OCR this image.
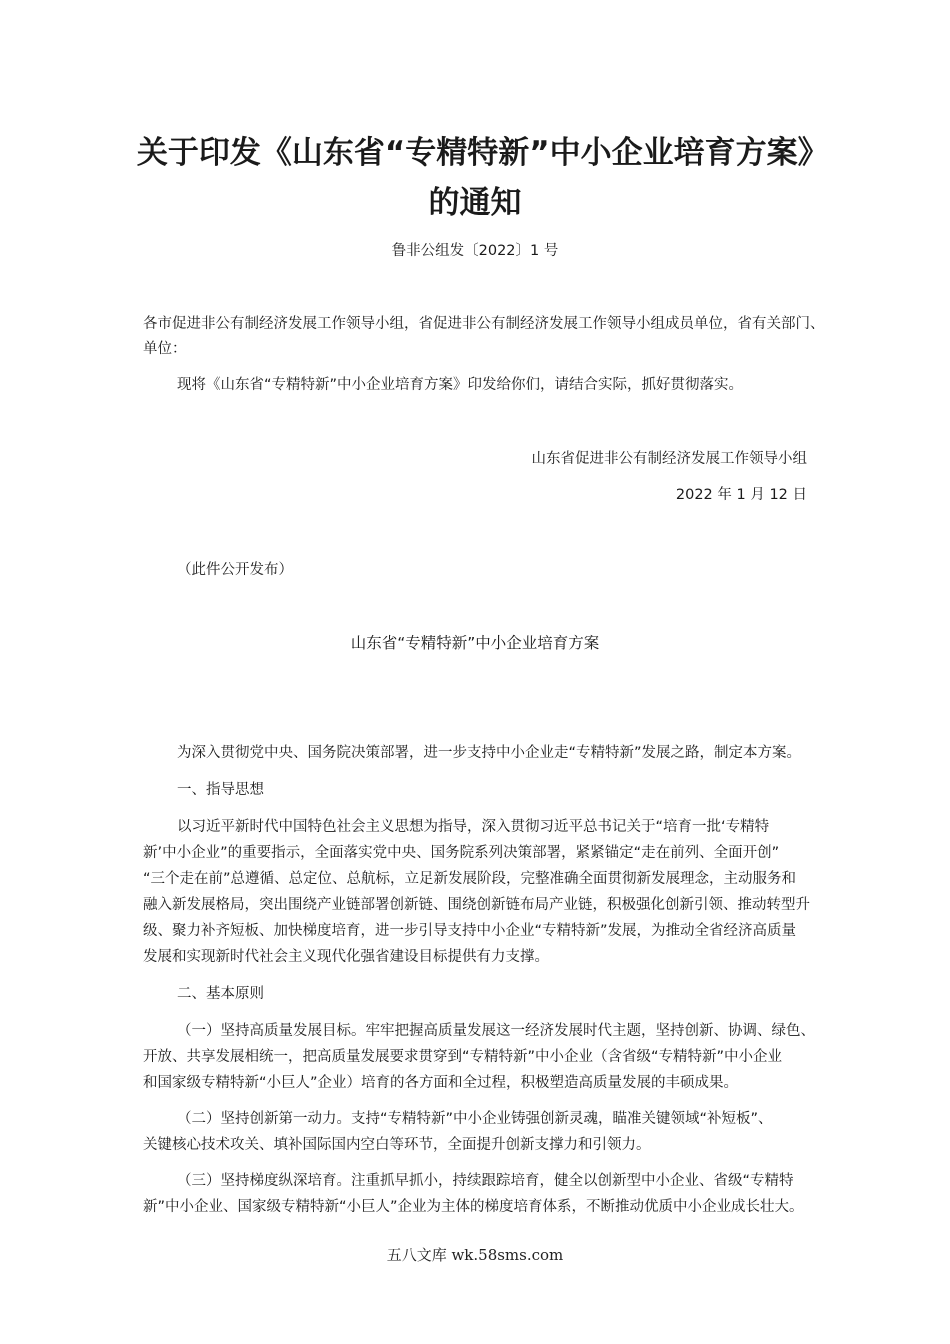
关于印发《山东省“专精特新”中小企业培育方案》的通知

鲁非公组发〔2022〕1 号

各市促进非公有制经济发展工作领导小组，省促进非公有制经济发展工作领导小组成员单位，省有关部门、

单位：

现将《山东省“专精特新”中小企业培育方案》印发给你们，请结合实际，抓好贯彻落实。

山东省促进非公有制经济发展工作领导小组

2022 年 1 月 12 日

（此件公开发布）

山东省“专精特新”中小企业培育方案

为深入贯彻党中央、国务院决策部署，进一步支持中小企业走“专精特新”发展之路，制定本方案。

一、指导思想

以习近平新时代中国特色社会主义思想为指导，深入贯彻习近平总书记关于“培育一批‘专精特

新’中小企业”的重要指示，全面落实党中央、国务院系列决策部署，紧紧锚定“走在前列、全面开创”

“三个走在前”总遵循、总定位、总航标，立足新发展阶段，完整准确全面贯彻新发展理念，主动服务和

融入新发展格局，突出围绕产业链部署创新链、围绕创新链布局产业链，积极强化创新引领、推动转型升

级、聚力补齐短板、加快梯度培育，进一步引导支持中小企业“专精特新”发展，为推动全省经济高质量

发展和实现新时代社会主义现代化强省建设目标提供有力支撑。

二、基本原则

（一）坚持高质量发展目标。牢牢把握高质量发展这一经济发展时代主题，坚持创新、协调、绿色、

开放、共享发展相统一，把高质量发展要求贯穿到“专精特新”中小企业（含省级“专精特新”中小企业

和国家级专精特新“小巨人”企业）培育的各方面和全过程，积极塑造高质量发展的丰硕成果。

（二）坚持创新第一动力。支持“专精特新”中小企业铸强创新灵魂，瞄准关键领域“补短板”、

关键核心技术攻关、填补国际国内空白等环节，全面提升创新支撑力和引领力。

（三）坚持梯度纵深培育。注重抓早抓小，持续跟踪培育，健全以创新型中小企业、省级“专精特

新”中小企业、国家级专精特新“小巨人”企业为主体的梯度培育体系，不断推动优质中小企业成长壮大。

五八文库 wk.58sms.com
